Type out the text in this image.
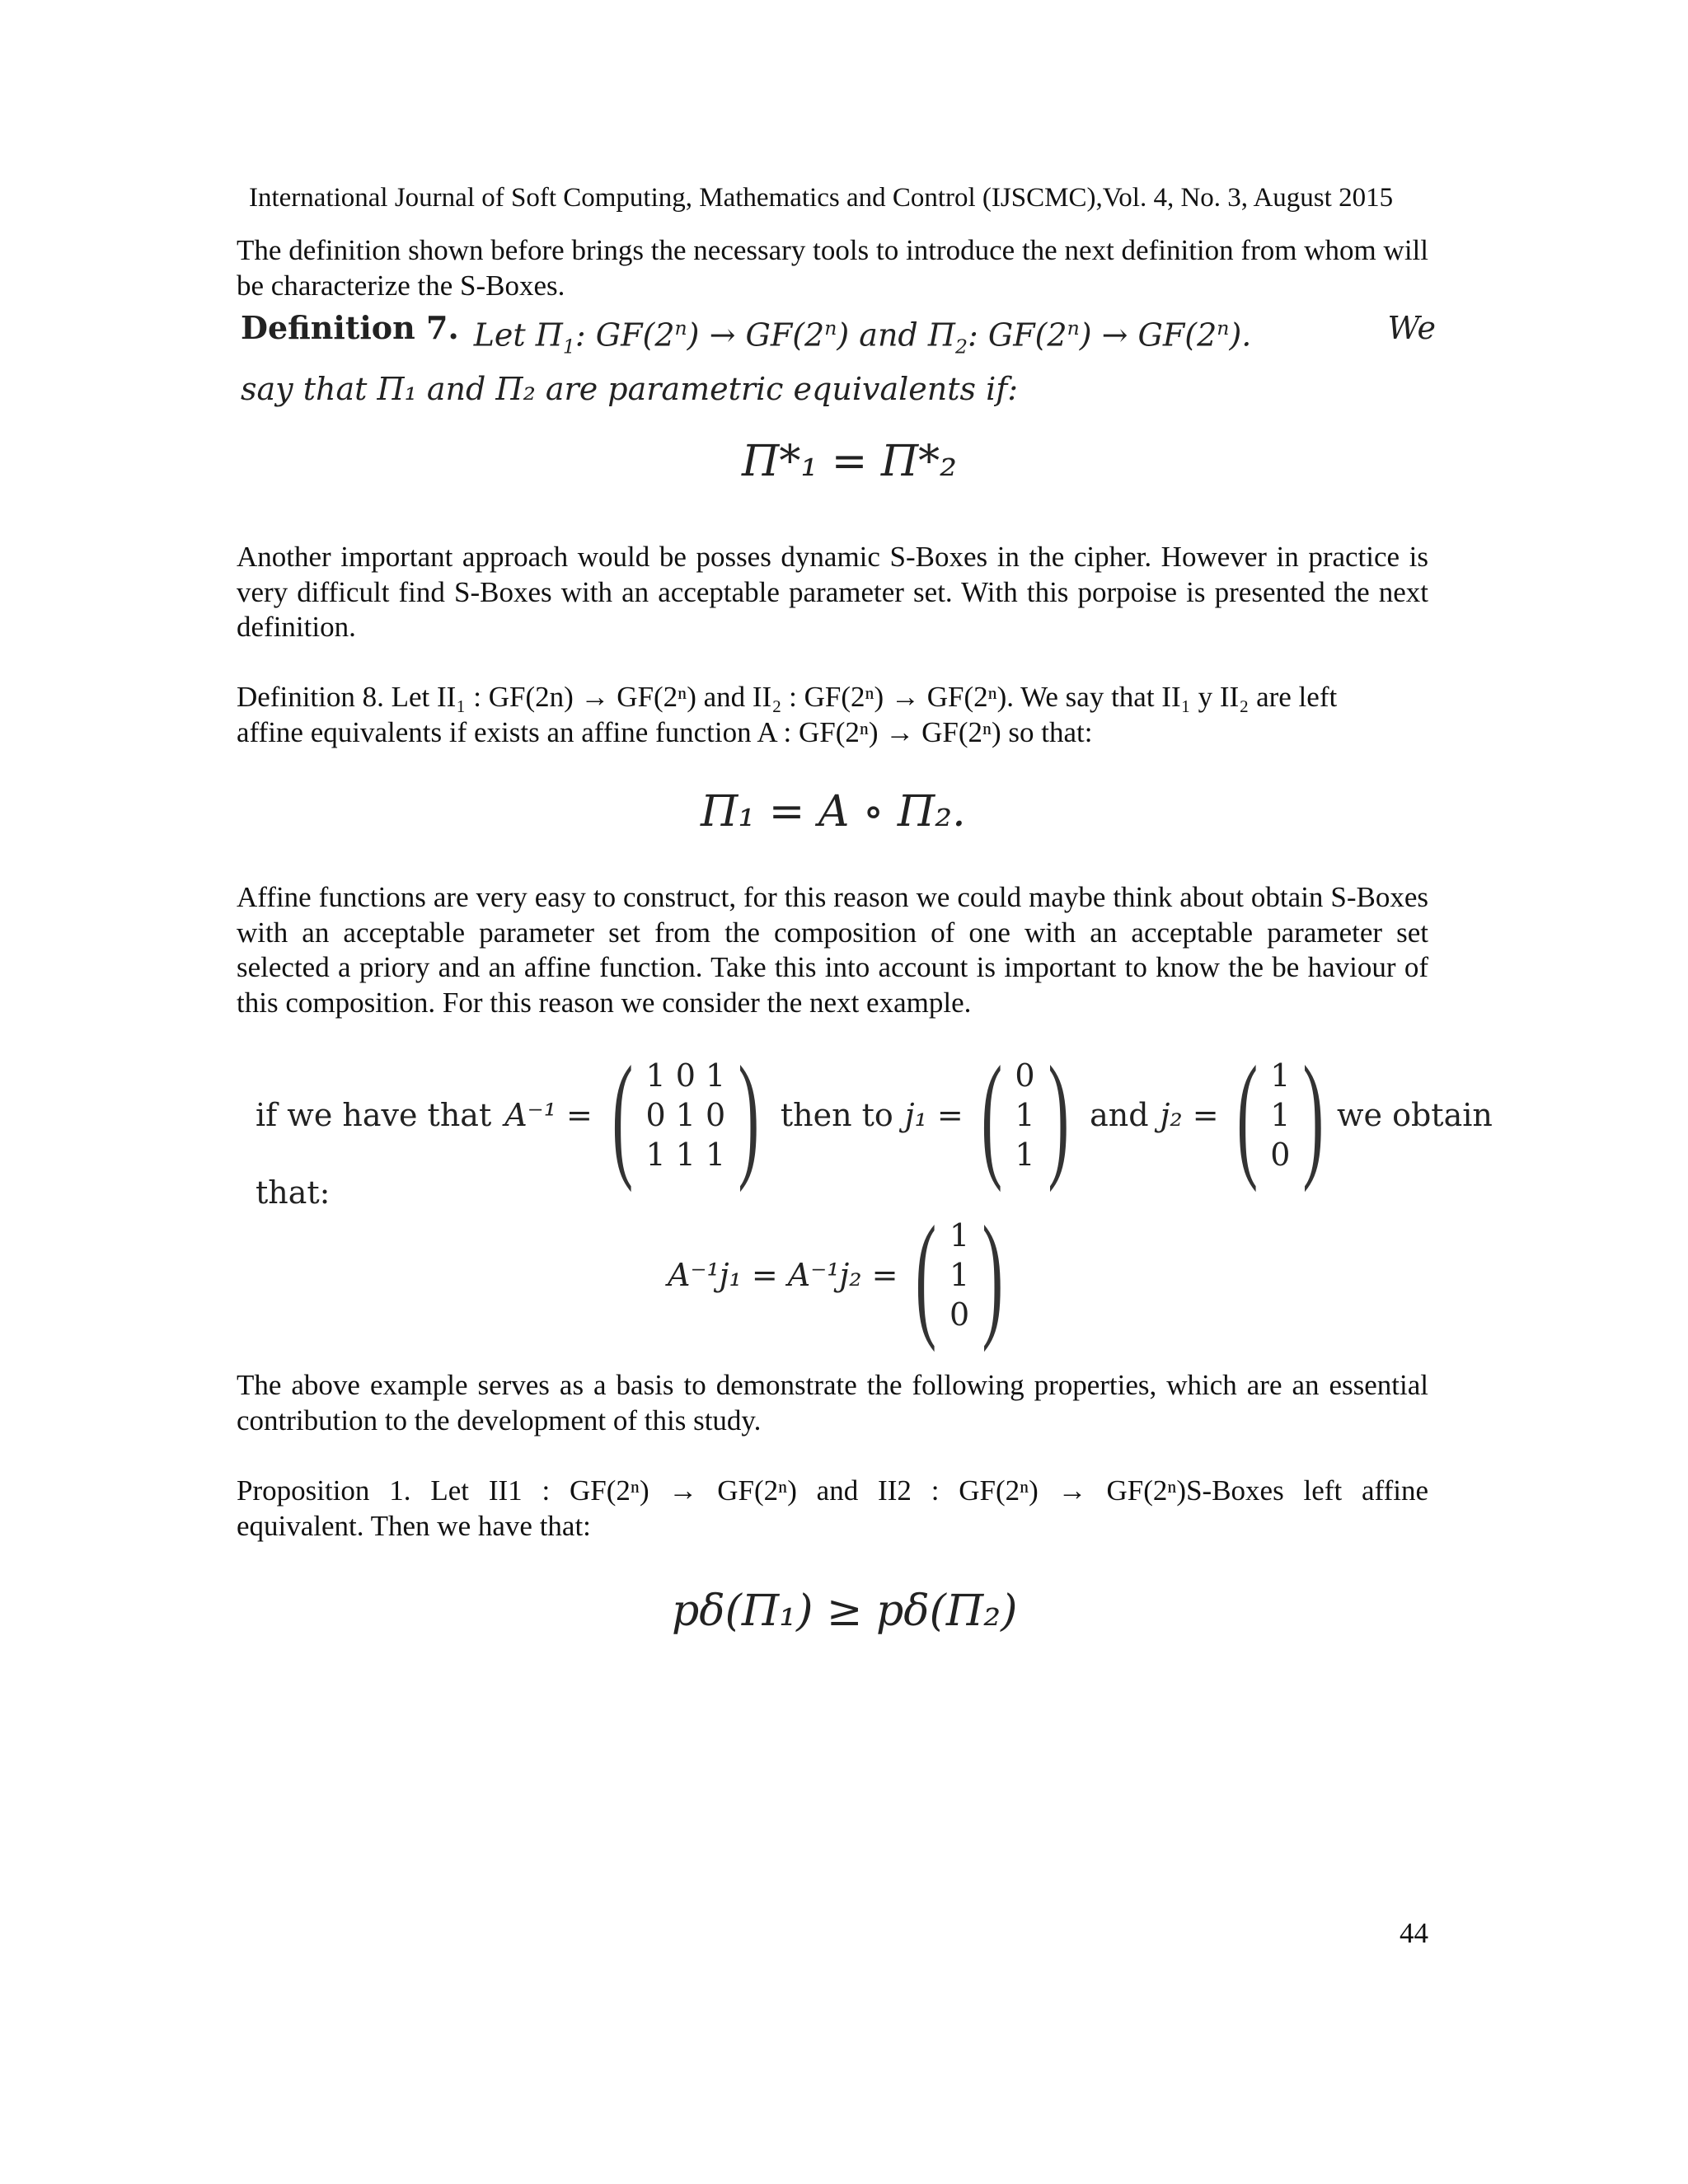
International Journal of Soft Computing, Mathematics and Control (IJSCMC),Vol. 4, No. 3, August 2015
The definition shown before brings the necessary tools to introduce the next definition from whom will be characterize the S-Boxes.
Definition 7. Let $\Pi_1$: $GF(2^n) \to GF(2^n)$ and $\Pi_2$: $GF(2^n) \to GF(2^n)$.	We
say that Π₁ and Π₂ are parametric equivalents if:
Π*₁ = Π*₂
Another important approach would be posses dynamic S-Boxes in the cipher. However in practice is very difficult find S-Boxes with an acceptable parameter set. With this porpoise is presented the next definition.
Definition 8. Let II₁ : GF(2n) → GF(2ⁿ) and II₂ : GF(2ⁿ) → GF(2ⁿ). We say that II₁ y II₂ are left
affine equivalents if exists an affine function A : GF(2ⁿ) → GF(2ⁿ) so that:
Π₁ = A ∘ Π₂.
Affine functions are very easy to construct, for this reason we could maybe think about obtain S-Boxes with an acceptable parameter set from the composition of one with an acceptable parameter set selected a priory and an affine function. Take this into account is important to know the be haviour of this composition. For this reason we consider the next example.
if we have that A⁻¹ = ( 1 0 1
0 1 0
1 1 1 ) then to j₁ = ( 0
1
1 ) and j₂ = ( 1
1
0 ) we obtain
that:
A⁻¹j₁ = A⁻¹j₂ = ( 1
1
0 )
The above example serves as a basis to demonstrate the following properties, which are an essential contribution to the development of this study.
Proposition 1. Let II1 : GF(2ⁿ) → GF(2ⁿ) and II2 : GF(2ⁿ) → GF(2ⁿ)S-Boxes left affine
equivalent. Then we have that:
pδ(Π₁) ≥ pδ(Π₂)
44
